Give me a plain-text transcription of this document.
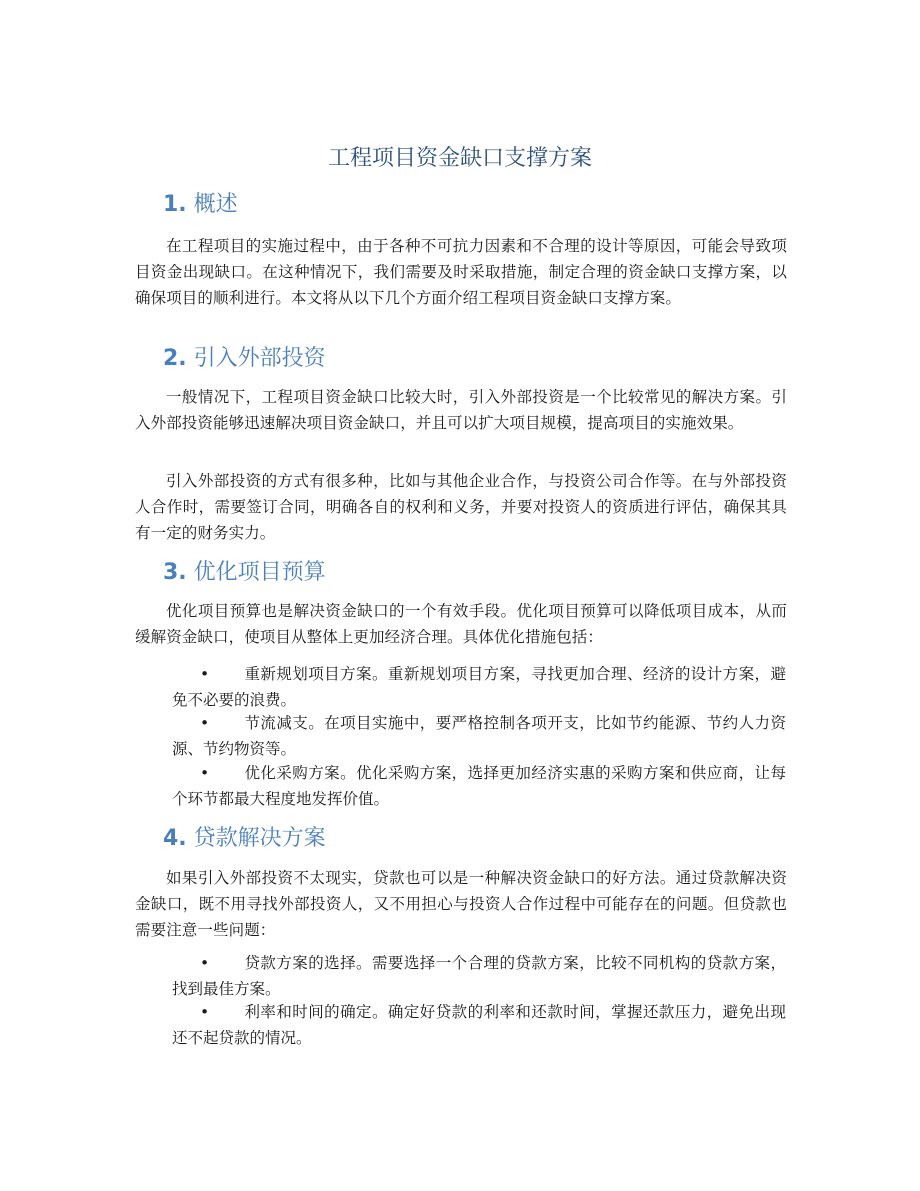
工程项目资金缺口支撑方案
1. 概述

在工程项目的实施过程中，由于各种不可抗力因素和不合理的设计等原因，可能会导致项目资金出现缺口。在这种情况下，我们需要及时采取措施，制定合理的资金缺口支撑方案，以确保项目的顺利进行。本文将从以下几个方面介绍工程项目资金缺口支撑方案。

2. 引入外部投资

一般情况下，工程项目资金缺口比较大时，引入外部投资是一个比较常见的解决方案。引入外部投资能够迅速解决项目资金缺口，并且可以扩大项目规模，提高项目的实施效果。

引入外部投资的方式有很多种，比如与其他企业合作，与投资公司合作等。在与外部投资人合作时，需要签订合同，明确各自的权利和义务，并要对投资人的资质进行评估，确保其具有一定的财务实力。

3. 优化项目预算

优化项目预算也是解决资金缺口的一个有效手段。优化项目预算可以降低项目成本，从而缓解资金缺口，使项目从整体上更加经济合理。具体优化措施包括：

• 重新规划项目方案。重新规划项目方案，寻找更加合理、经济的设计方案，避免不必要的浪费。

• 节流减支。在项目实施中，要严格控制各项开支，比如节约能源、节约人力资源、节约物资等。

• 优化采购方案。优化采购方案，选择更加经济实惠的采购方案和供应商，让每个环节都最大程度地发挥价值。

4. 贷款解决方案

如果引入外部投资不太现实，贷款也可以是一种解决资金缺口的好方法。通过贷款解决资金缺口，既不用寻找外部投资人，又不用担心与投资人合作过程中可能存在的问题。但贷款也需要注意一些问题：

• 贷款方案的选择。需要选择一个合理的贷款方案，比较不同机构的贷款方案，找到最佳方案。

• 利率和时间的确定。确定好贷款的利率和还款时间，掌握还款压力，避免出现还不起贷款的情况。
